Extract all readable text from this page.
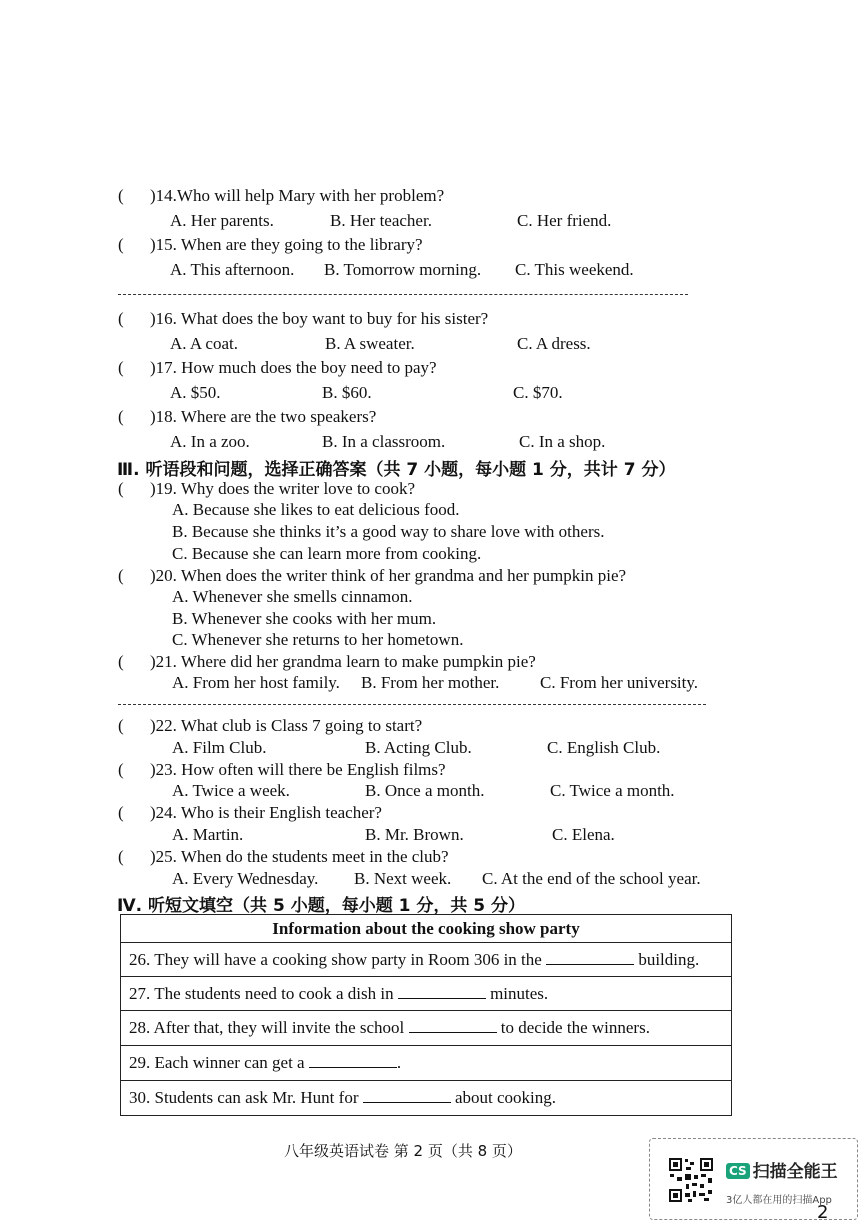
( )14.Who will help Mary with her problem?
A. Her parents.	B. Her teacher.	C. Her friend.
( )15. When are they going to the library?
A. This afternoon. B. Tomorrow morning. C. This weekend.
( )16. What does the boy want to buy for his sister?
A. A coat.	B. A sweater.	C. A dress.
( )17. How much does the boy need to pay?
A. $50.	B. $60.	C. $70.
( )18. Where are the two speakers?
A. In a zoo.	B. In a classroom.	C. In a shop.
Ⅲ. 听语段和问题，选择正确答案（共 7 小题，每小题 1 分，共计 7 分）
( )19. Why does the writer love to cook?
A. Because she likes to eat delicious food.
B. Because she thinks it’s a good way to share love with others.
C. Because she can learn more from cooking.
( )20. When does the writer think of her grandma and her pumpkin pie?
A. Whenever she smells cinnamon.
B. Whenever she cooks with her mum.
C. Whenever she returns to her hometown.
( )21. Where did her grandma learn to make pumpkin pie?
A. From her host family. B. From her mother. C. From her university.
( )22. What club is Class 7 going to start?
A. Film Club.	B. Acting Club.	C. English Club.
( )23. How often will there be English films?
A. Twice a week.	B. Once a month.	C. Twice a month.
( )24. Who is their English teacher?
A. Martin.	B. Mr. Brown.	C. Elena.
( )25. When do the students meet in the club?
A. Every Wednesday. B. Next week. C. At the end of the school year.
Ⅳ. 听短文填空（共 5 小题，每小题 1 分，共 5 分）
Information about the cooking show party
26. They will have a cooking show party in Room 306 in the	building.
27. The students need to cook a dish in	minutes.
28. After that, they will invite the school	to decide the winners.
29. Each winner can get a	.
30. Students can ask Mr. Hunt for	about cooking.
八年级英语试卷 第 2 页（共 8 页）
CS 扫描全能王
3亿人都在用的扫描App
2
